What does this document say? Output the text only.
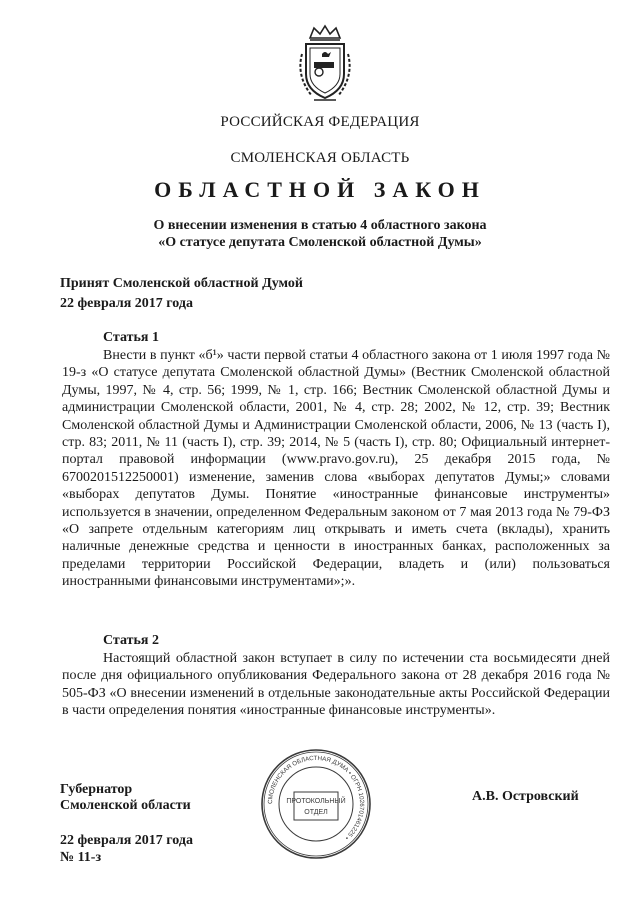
РОССИЙСКАЯ ФЕДЕРАЦИЯ
СМОЛЕНСКАЯ ОБЛАСТЬ
ОБЛАСТНОЙ ЗАКОН
О внесении изменения в статью 4 областного закона
«О статусе депутата Смоленской областной Думы»
Принят Смоленской областной Думой
22 февраля 2017 года
Статья 1
Внести в пункт «б¹» части первой статьи 4 областного закона от 1 июля 1997 года № 19-з «О статусе депутата Смоленской областной Думы» (Вестник Смоленской областной Думы, 1997, № 4, стр. 56; 1999, № 1, стр. 166; Вестник Смоленской областной Думы и администрации Смоленской области, 2001, № 4, стр. 28; 2002, № 12, стр. 39; Вестник Смоленской областной Думы и Администрации Смоленской области, 2006, № 13 (часть I), стр. 83; 2011, № 11 (часть I), стр. 39; 2014, № 5 (часть I), стр. 80; Официальный интернет-портал правовой информации (www.pravo.gov.ru), 25 декабря 2015 года, № 6700201512250001) изменение, заменив слова «выборах депутатов Думы;» словами «выборах депутатов Думы. Понятие «иностранные финансовые инструменты» используется в значении, определенном Федеральным законом от 7 мая 2013 года № 79-ФЗ «О запрете отдельным категориям лиц открывать и иметь счета (вклады), хранить наличные денежные средства и ценности в иностранных банках, расположенных за пределами территории Российской Федерации, владеть и (или) пользоваться иностранными финансовыми инструментами»;».
Статья 2
Настоящий областной закон вступает в силу по истечении ста восьмидесяти дней после дня официального опубликования Федерального закона от 28 декабря 2016 года № 505-ФЗ «О внесении изменений в отдельные законодательные акты Российской Федерации в части определения понятия «иностранные финансовые инструменты».
Губернатор
Смоленской области
А.В. Островский
22 февраля 2017 года
№ 11-з
СМОЛЕНСКАЯ ОБЛАСТНАЯ ДУМА • ОГРН 1026701461225 •
ПРОТОКОЛЬНЫЙ
ОТДЕЛ
